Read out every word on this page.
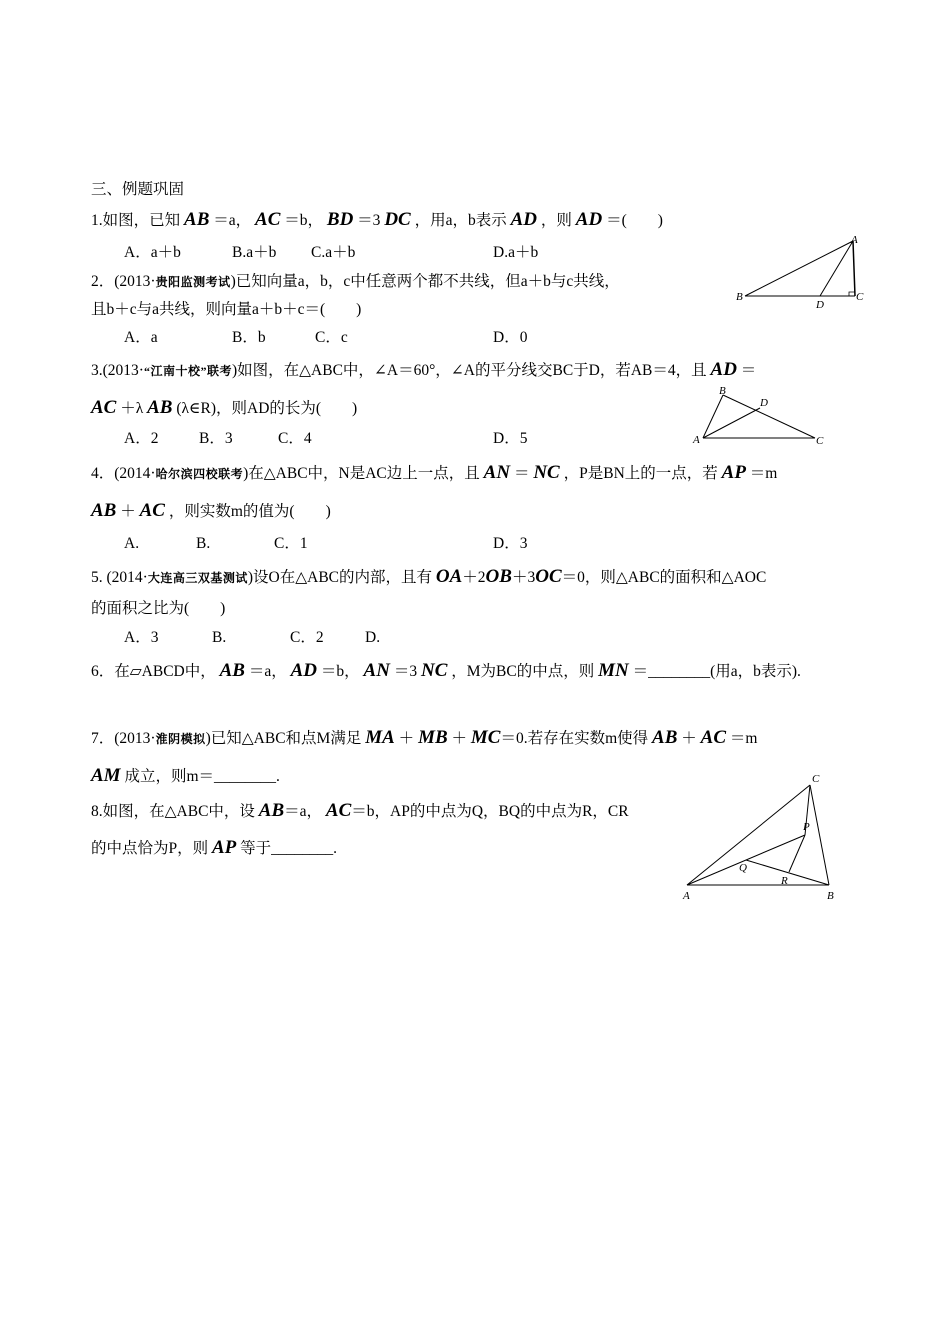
三、例题巩固
1.如图，已知 AB ＝a， AC ＝b， BD ＝3 DC ，用a，b表示 AD ，则 AD ＝(　　)
A．a＋b	B.a＋b C.a＋b	D.a＋b
A
B
D
C
2．(2013·贵阳监测考试)已知向量a，b，c中任意两个都不共线，但a＋b与c共线，
且b＋c与a共线，则向量a＋b＋c＝(　　)
A．a	B．b	C．c	D．0
3.(2013·“江南十校”联考)如图，在△ABC中，∠A＝60°，∠A的平分线交BC于D，若AB＝4，且 AD ＝
AC ＋λ AB (λ∈R)，则AD的长为(　　)
A．2	B．3	C．4	D．5
B
D
A	C
4．(2014·哈尔滨四校联考)在△ABC中，N是AC边上一点，且 AN ＝ NC ，P是BN上的一点，若 AP ＝m
AB ＋ AC ，则实数m的值为(　　)
A.	B.	C．1	D．3
5. (2014·大连高三双基测试)设O在△ABC的内部，且有 OA＋2OB＋3OC＝0，则△ABC的面积和△AOC
的面积之比为(　　)
A．3	B.	C．2	D.
6．在▱ABCD中， AB ＝a， AD ＝b， AN ＝3 NC ，M为BC的中点，则 MN ＝________(用a，b表示).
7．(2013·淮阴模拟)已知△ABC和点M满足 MA ＋ MB ＋ MC＝0.若存在实数m使得 AB ＋ AC ＝m
AM 成立，则m＝________.
8.如图，在△ABC中，设 AB＝a， AC＝b，AP的中点为Q，BQ的中点为R，CR
的中点恰为P，则 AP 等于________.
C
P
Q
R
A	B
